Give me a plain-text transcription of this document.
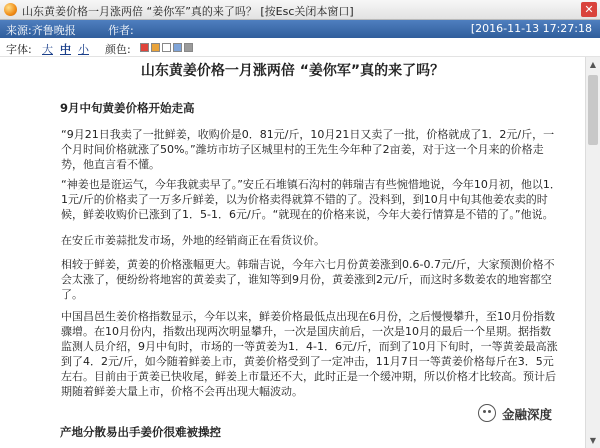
山东黄姜价格一月涨两倍 “姜你军”真的来了吗？ [按Esc关闭本窗口]	✕
来源:齐鲁晚报	作者:	[2016-11-13 17:27:18
字体: 大 中 小 颜色:
山东黄姜价格一月涨两倍 “姜你军”真的来了吗？
9月中旬黄姜价格开始走高
“9月21日我卖了一批鲜姜，收购价是0．81元/斤，10月21日又卖了一批，价格就成了1．2元/斤，一个月时间价格就涨了50%。”潍坊市坊子区城里村的王先生今年种了2亩姜，对于这一个月来的价格走势，他直言看不懂。
“神姜也是诳运气，今年我就卖早了。”安丘石堆镇石沟村的韩瑞吉有些惋惜地说，今年10月初，他以1．1元/斤的价格卖了一万多斤鲜姜，以为价格卖得就算不错的了。没料到，到10月中旬其他姜农卖的时候，鲜姜收购价已涨到了1．5-1．6元/斤。“就现在的价格来说，今年大姜行情算是不错的了。”他说。
在安丘市姜蒜批发市场，外地的经销商正在看货议价。
相较于鲜姜，黄姜的价格涨幅更大。韩瑞吉说，今年六七月份黄姜涨到0.6-0.7元/斤，大家预测价格不会太涨了，便纷纷将地窖的黄姜卖了，谁知等到9月份，黄姜涨到2元/斤，而这时多数姜农的地窖都空了。
中国昌邑生姜价格指数显示，今年以来，鲜姜价格最低点出现在6月份，之后慢慢攀升，至10月份指数骤增。在10月份内，指数出现两次明显攀升，一次是国庆前后，一次是10月的最后一个星期。据指数监测人员介绍，9月中旬时，市场的一等黄姜为1．4-1．6元/斤，而到了10月下旬时，一等黄姜最高涨到了4．2元/斤，如今随着鲜姜上市，黄姜价格受到了一定冲击，11月7日一等黄姜价格每斤在3．5元左右。目前由于黄姜已快收尾，鲜姜上市量还不大，此时正是一个缓冲期，所以价格才比较高。预计后期随着鲜姜大量上市，价格不会再出现大幅波动。
产地分散易出手姜价很难被操控
▲
▼
金融深度
